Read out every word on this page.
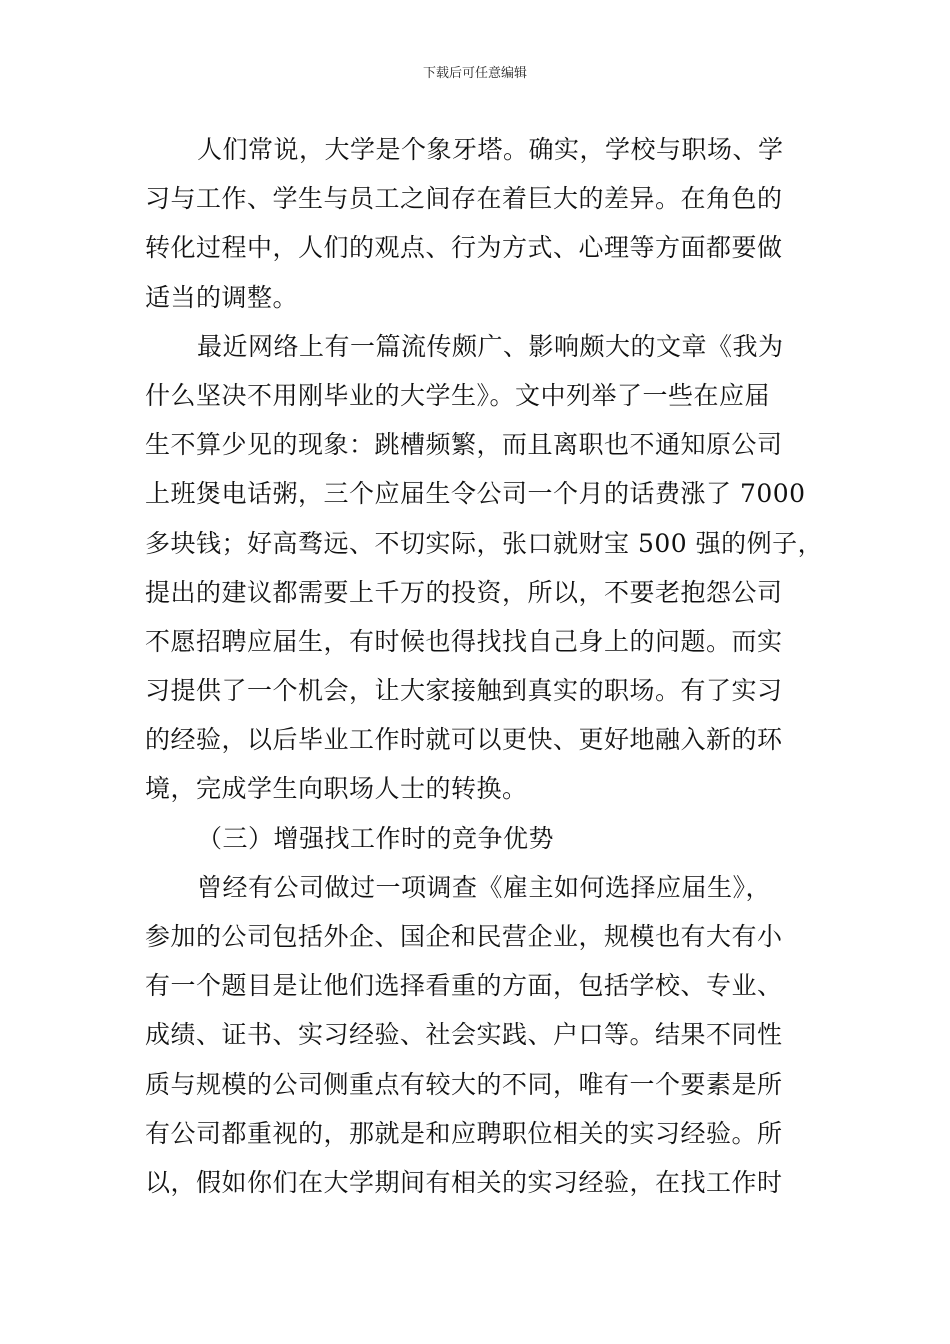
下载后可任意编辑
人们常说，大学是个象牙塔。确实，学校与职场、学
习与工作、学生与员工之间存在着巨大的差异。在角色的
转化过程中，人们的观点、行为方式、心理等方面都要做
适当的调整。
最近网络上有一篇流传颇广、影响颇大的文章《我为
什么坚决不用刚毕业的大学生》。文中列举了一些在应届
生不算少见的现象：跳槽频繁，而且离职也不通知原公司
上班煲电话粥，三个应届生令公司一个月的话费涨了 7000
多块钱；好高骛远、不切实际，张口就财宝 500 强的例子，
提出的建议都需要上千万的投资，所以，不要老抱怨公司
不愿招聘应届生，有时候也得找找自己身上的问题。而实
习提供了一个机会，让大家接触到真实的职场。有了实习
的经验，以后毕业工作时就可以更快、更好地融入新的环
境，完成学生向职场人士的转换。
（三）增强找工作时的竞争优势
曾经有公司做过一项调查《雇主如何选择应届生》，
参加的公司包括外企、国企和民营企业，规模也有大有小
有一个题目是让他们选择看重的方面，包括学校、专业、
成绩、证书、实习经验、社会实践、户口等。结果不同性
质与规模的公司侧重点有较大的不同，唯有一个要素是所
有公司都重视的，那就是和应聘职位相关的实习经验。所
以，假如你们在大学期间有相关的实习经验，在找工作时
